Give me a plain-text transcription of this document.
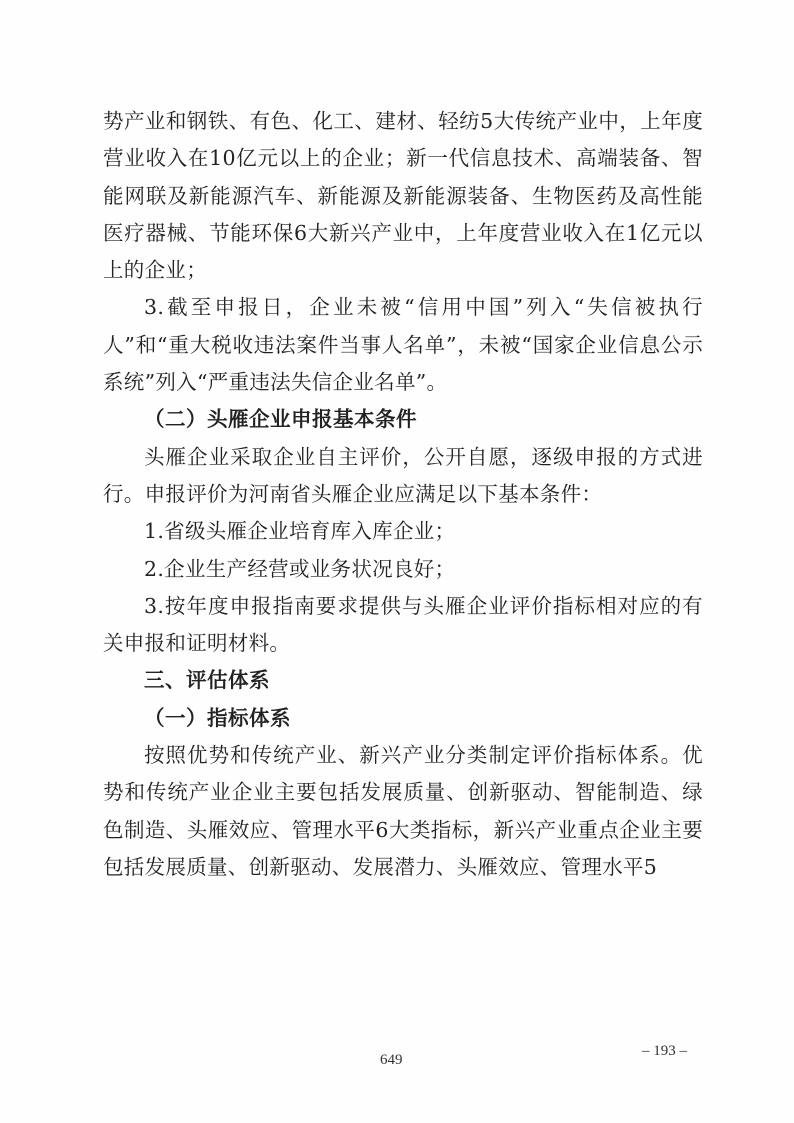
势产业和钢铁、有色、化工、建材、轻纺5大传统产业中，上年度营业收入在10亿元以上的企业；新一代信息技术、高端装备、智能网联及新能源汽车、新能源及新能源装备、生物医药及高性能医疗器械、节能环保6大新兴产业中，上年度营业收入在1亿元以上的企业；

3.截至申报日，企业未被“信用中国”列入“失信被执行人”和“重大税收违法案件当事人名单”，未被“国家企业信息公示系统”列入“严重违法失信企业名单”。

（二）头雁企业申报基本条件

头雁企业采取企业自主评价，公开自愿，逐级申报的方式进行。申报评价为河南省头雁企业应满足以下基本条件：

1.省级头雁企业培育库入库企业；

2.企业生产经营或业务状况良好；

3.按年度申报指南要求提供与头雁企业评价指标相对应的有关申报和证明材料。

三、评估体系

（一）指标体系

按照优势和传统产业、新兴产业分类制定评价指标体系。优势和传统产业企业主要包括发展质量、创新驱动、智能制造、绿色制造、头雁效应、管理水平6大类指标，新兴产业重点企业主要包括发展质量、创新驱动、发展潜力、头雁效应、管理水平5

649
– 193 –
